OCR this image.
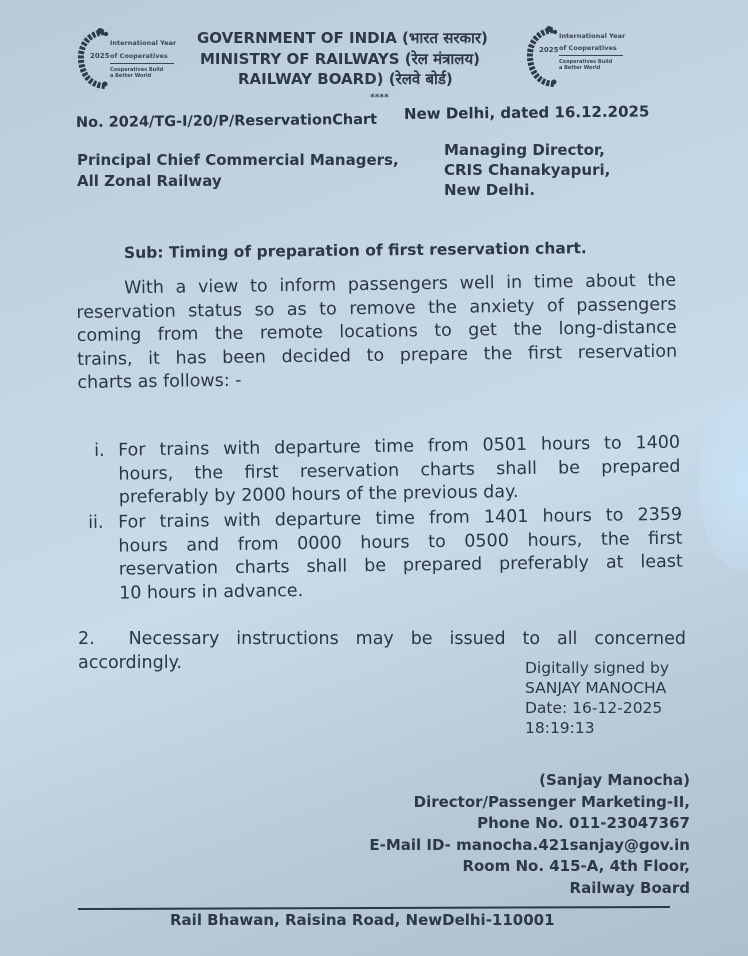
International Year
of Cooperatives
2025
Cooperatives Build
a Better World
International Year
of Cooperatives
2025
Cooperatives Build
a Better World
GOVERNMENT OF INDIA (भारत सरकार)
MINISTRY OF RAILWAYS (रेल मंत्रालय)
RAILWAY BOARD) (रेलवे बोर्ड)
****
No. 2024/TG-I/20/P/ReservationChart New Delhi, dated 16.12.2025
Principal Chief Commercial Managers,
All Zonal Railway
Managing Director,
CRIS Chanakyapuri,
New Delhi.
Sub: Timing of preparation of first reservation chart.
With a view to inform passengers well in time about the
reservation status so as to remove the anxiety of passengers
coming from the remote locations to get the long-distance
trains, it has been decided to prepare the first reservation
charts as follows: -
i. For trains with departure time from 0501 hours to 1400
hours, the first reservation charts shall be prepared
preferably by 2000 hours of the previous day.
ii. For trains with departure time from 1401 hours to 2359
hours and from 0000 hours to 0500 hours, the first
reservation charts shall be prepared preferably at least
10 hours in advance.
2. Necessary instructions may be issued to all concerned
accordingly.	Digitally signed by
SANJAY MANOCHA
Date: 16-12-2025
18:19:13
(Sanjay Manocha)
Director/Passenger Marketing-II,
Phone No. 011-23047367
E-Mail ID- manocha.421sanjay@gov.in
Room No. 415-A, 4th Floor,
Railway Board
Rail Bhawan, Raisina Road, NewDelhi-110001
